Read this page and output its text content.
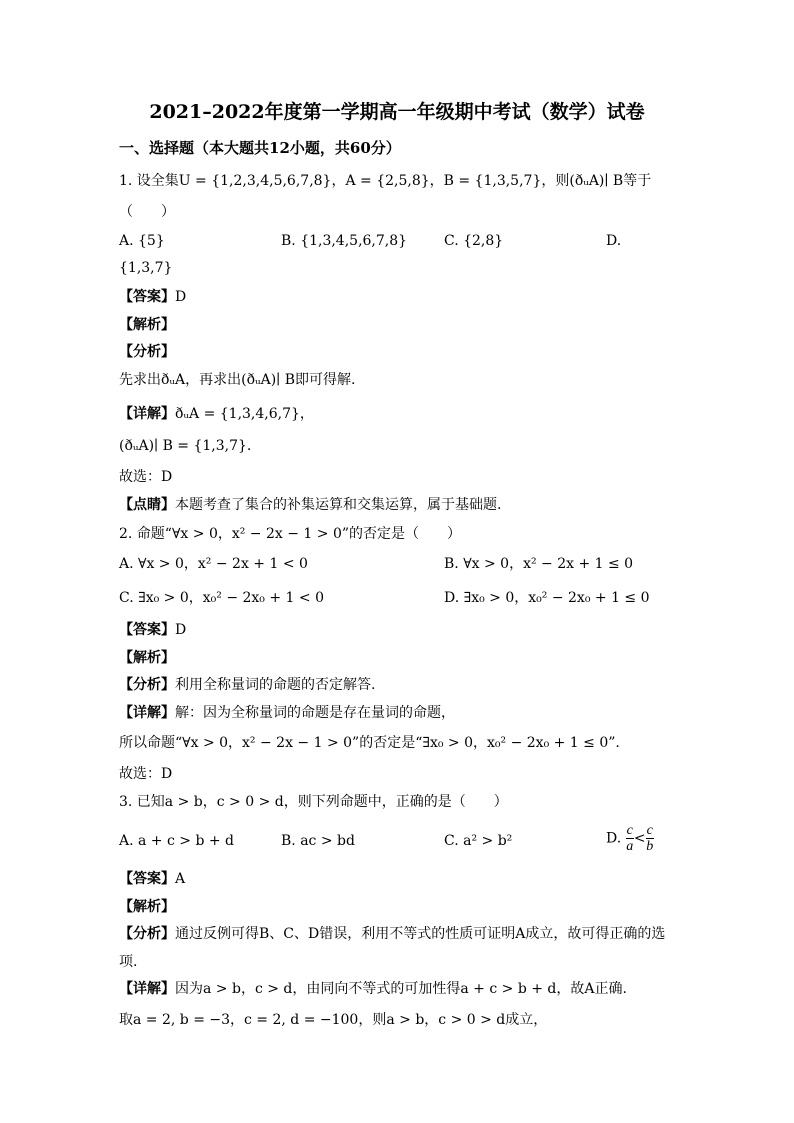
2021–2022年度第一学期高一年级期中考试（数学）试卷
一、选择题（本大题共12小题，共60分）
1. 设全集U = {1,2,3,4,5,6,7,8}，A = {2,5,8}，B = {1,3,5,7}，则(ðᵤA)∣ B等于
（　　）
A. {5}	B. {1,3,4,5,6,7,8}	C. {2,8}	D.
{1,3,7}
【答案】D
【解析】
【分析】
先求出ðᵤA，再求出(ðᵤA)∣ B即可得解.
【详解】ðᵤA = {1,3,4,6,7}，
(ðᵤA)∣ B = {1,3,7}.
故选：D
【点睛】本题考查了集合的补集运算和交集运算，属于基础题.
2. 命题“∀x > 0，x² − 2x − 1 > 0”的否定是（　　）
A. ∀x > 0，x² − 2x + 1 < 0	B. ∀x > 0，x² − 2x + 1 ≤ 0
C. ∃x₀ > 0，x₀² − 2x₀ + 1 < 0	D. ∃x₀ > 0，x₀² − 2x₀ + 1 ≤ 0
【答案】D
【解析】
【分析】利用全称量词的命题的否定解答.
【详解】解：因为全称量词的命题是存在量词的命题，
所以命题“∀x > 0，x² − 2x − 1 > 0”的否定是“∃x₀ > 0，x₀² − 2x₀ + 1 ≤ 0”.
故选：D
3. 已知a > b，c > 0 > d，则下列命题中，正确的是（　　）
A. a + c > b + d	B. ac > bd	C. a² > b²	D. $\frac{c}{a} < \frac{c}{b}$
【答案】A
【解析】
【分析】通过反例可得B、C、D错误，利用不等式的性质可证明A成立，故可得正确的选
项.
【详解】因为a > b，c > d，由同向不等式的可加性得a + c > b + d，故A正确.
取a = 2, b = −3，c = 2, d = −100，则a > b，c > 0 > d成立，
